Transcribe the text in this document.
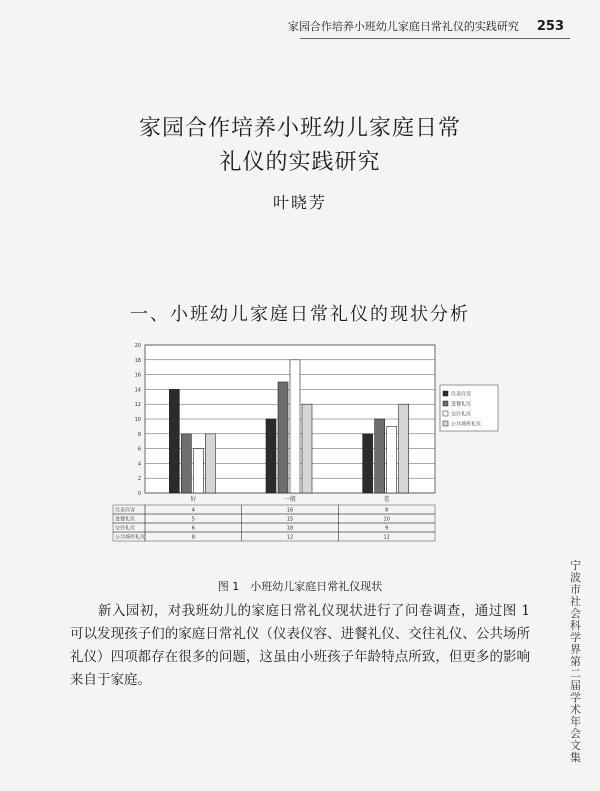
家园合作培养小班幼儿家庭日常礼仪的实践研究 253
家园合作培养小班幼儿家庭日常
礼仪的实践研究
叶晓芳
一、小班幼儿家庭日常礼仪的现状分析
0
2
4
6
8
10
12
14
16
18
20
好	一般	差
仪表仪容
进餐礼仪
交往礼仪
公共场所礼仪
仪表仪容	4	16	8
进餐礼仪	5	15	10
交往礼仪	6	18	9
公共场所礼仪	8	12	12
图 1　小班幼儿家庭日常礼仪现状
新入园初，对我班幼儿的家庭日常礼仪现状进行了问卷调查，通过图 1 可以发现孩子们的家庭日常礼仪（仪表仪容、进餐礼仪、交往礼仪、公共场所礼仪）四项都存在很多的问题，这虽由小班孩子年龄特点所致，但更多的影响来自于家庭。
宁波市社会科学界第二届学术年会文集
